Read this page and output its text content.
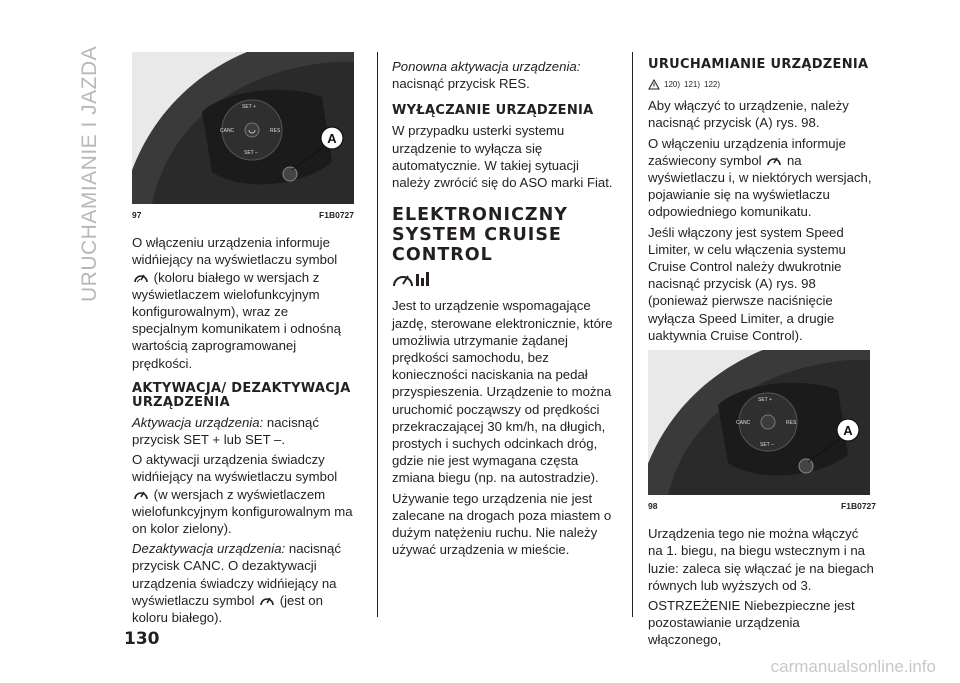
URUCHAMIANIE I JAZDA	SET +
CANC	RES
SET –
A
97	F1B0727

O włączeniu urządzenia informuje widńiejący na wyświetlaczu symbol  (koloru białego w wersjach z wyświetlaczem wielofunkcyjnym konfigurowalnym), wraz ze specjalnym komunikatem i odnośną wartością zaprogramowanej prędkości.

AKTYWACJA/ DEZAKTYWACJA URZĄDZENIA

Aktywacja urządzenia: nacisnąć przycisk SET + lub SET –.

O aktywacji urządzenia świadczy widńiejący na wyświetlaczu symbol  (w wersjach z wyświetlaczem wielofunkcyjnym konfigurowalnym ma on kolor zielony).

Dezaktywacja urządzenia: nacisnąć przycisk CANC. O dezaktywacji urządzenia świadczy widńiejący na wyświetlaczu symbol (jest on koloru białego).

Ponowna aktywacja urządzenia:
nacisnąć przycisk RES.

WYŁĄCZANIE URZĄDZENIA

W przypadku usterki systemu urządzenie to wyłącza się automatycznie. W takiej sytuacji należy zwrócić się do ASO marki Fiat.

ELEKTRONICZNY SYSTEM CRUISE CONTROL

Jest to urządzenie wspomagające jazdę, sterowane elektronicznie, które umożliwia utrzymanie żądanej prędkości samochodu, bez konieczności naciskania na pedał przyspieszenia. Urządzenie to można uruchomić począwszy od prędkości przekraczającej 30 km/h, na długich, prostych i suchych odcinkach dróg, gdzie nie jest wymagana częsta zmiana biegu (np. na autostradzie).

Używanie tego urządzenia nie jest zalecane na drogach poza miastem o dużym natężeniu ruchu. Nie należy używać urządzenia w mieście.

URUCHAMIANIE URZĄDZENIA
120) 121) 122)

Aby włączyć to urządzenie, należy nacisnąć przycisk (A) rys. 98.

O włączeniu urządzenia informuje zaświecony symbol na wyświetlaczu i, w niektórych wersjach, pojawianie się na wyświetlaczu odpowiedniego komunikatu.

Jeśli włączony jest system Speed Limiter, w celu włączenia systemu Cruise Control należy dwukrotnie nacisnąć przycisk (A) rys. 98 (ponieważ pierwsze naciśnięcie wyłącza Speed Limiter, a drugie uaktywnia Cruise Control).

SET +
CANC	RES
SET –
A
98	F1B0727

Urządzenia tego nie można włączyć na 1. biegu, na biegu wstecznym i na luzie: zaleca się włączać je na biegach równych lub wyższych od 3.

OSTRZEŻENIE Niebezpieczne jest pozostawianie urządzenia włączonego,

130
carmanualsonline.info
